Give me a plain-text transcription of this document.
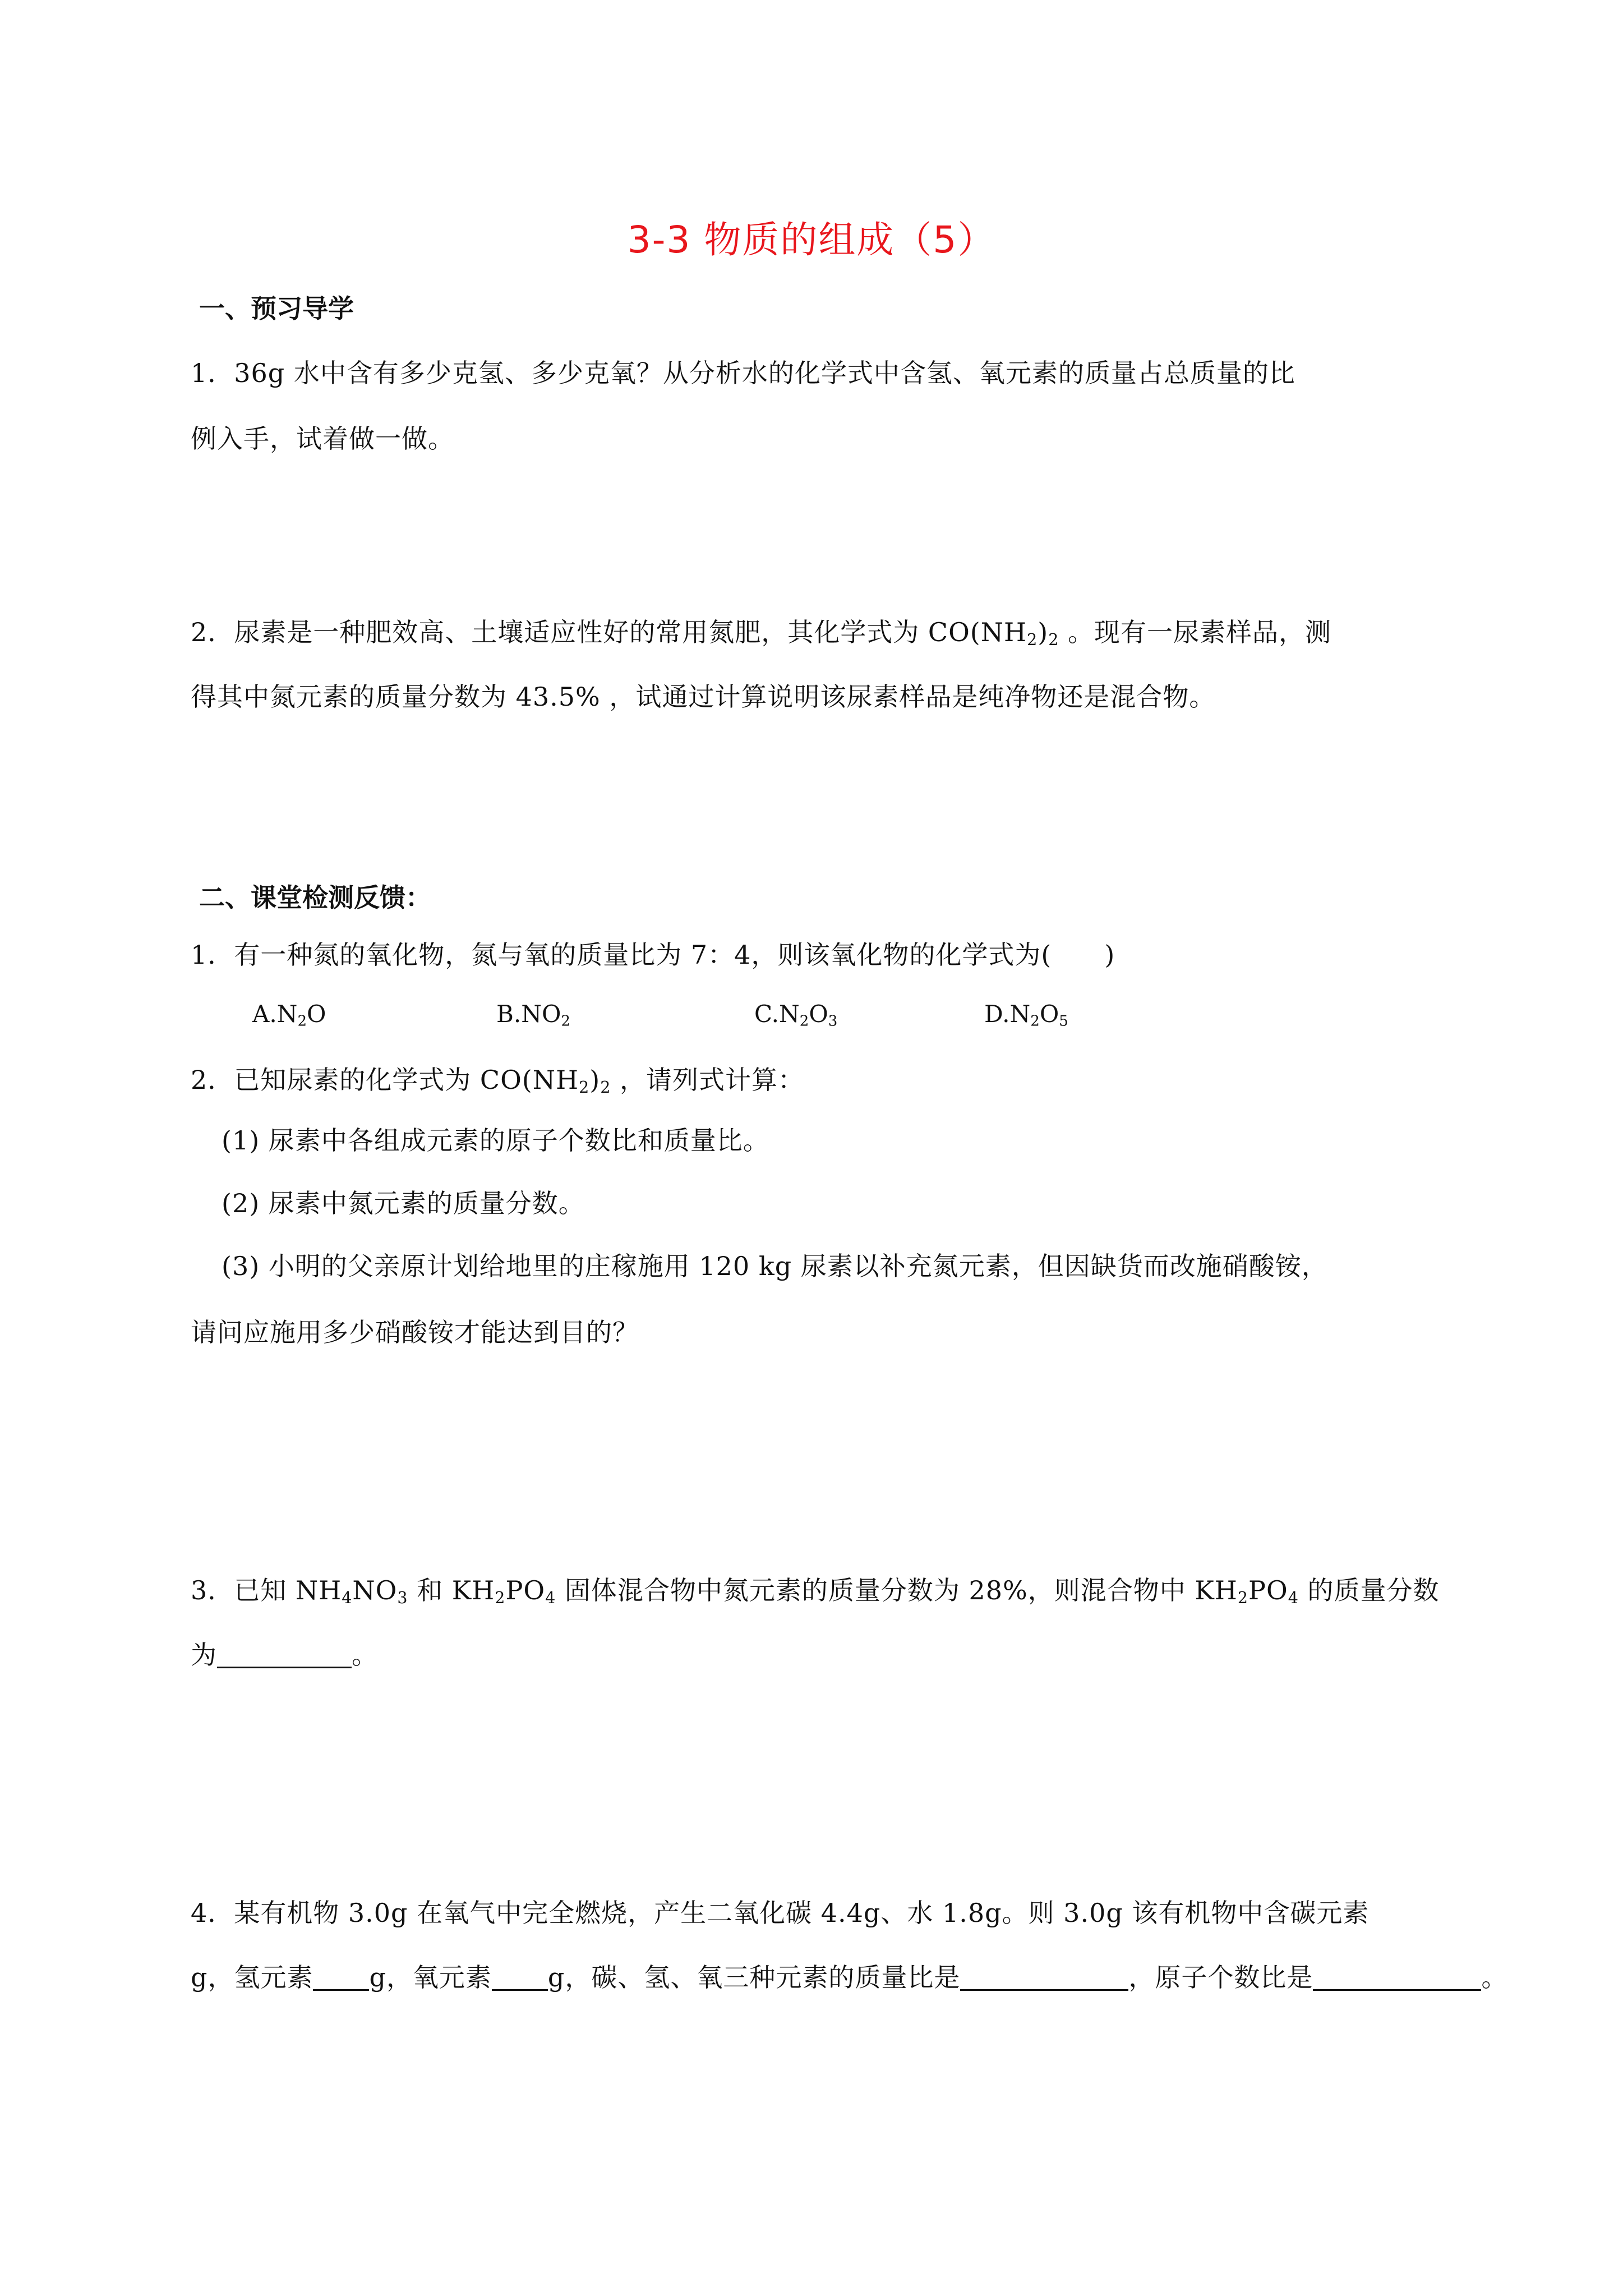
3-3 物质的组成（5）
一、预习导学
1．36g 水中含有多少克氢、多少克氧？从分析水的化学式中含氢、氧元素的质量占总质量的比
例入手，试着做一做。
2．尿素是一种肥效高、土壤适应性好的常用氮肥，其化学式为 $CO(NH_2)_2$ 。现有一尿素样品，测
得其中氮元素的质量分数为 43.5% ，试通过计算说明该尿素样品是纯净物还是混合物。
二、课堂检测反馈：
1．有一种氮的氧化物，氮与氧的质量比为 7：4，则该氧化物的化学式为(　　)
$A.N_2O$	$B.NO_2$	$C.N_2O_3$	$D.N_2O_5$
2．已知尿素的化学式为 $CO(NH_2)_2$ ，请列式计算：
(1) 尿素中各组成元素的原子个数比和质量比。
(2) 尿素中氮元素的质量分数。
(3) 小明的父亲原计划给地里的庄稼施用 120 kg 尿素以补充氮元素，但因缺货而改施硝酸铵，
请问应施用多少硝酸铵才能达到目的？
3．已知 $NH_4NO_3$ 和 $KH_2PO_4$ 固体混合物中氮元素的质量分数为 28%，则混合物中 $KH_2PO_4$ 的质量分数
为	。
4．某有机物 3.0g 在氧气中完全燃烧，产生二氧化碳 4.4g、水 1.8g。则 3.0g 该有机物中含碳元素
g，氢元素 g，氧元素 g，碳、氢、氧三种元素的质量比是	，原子个数比是	。
